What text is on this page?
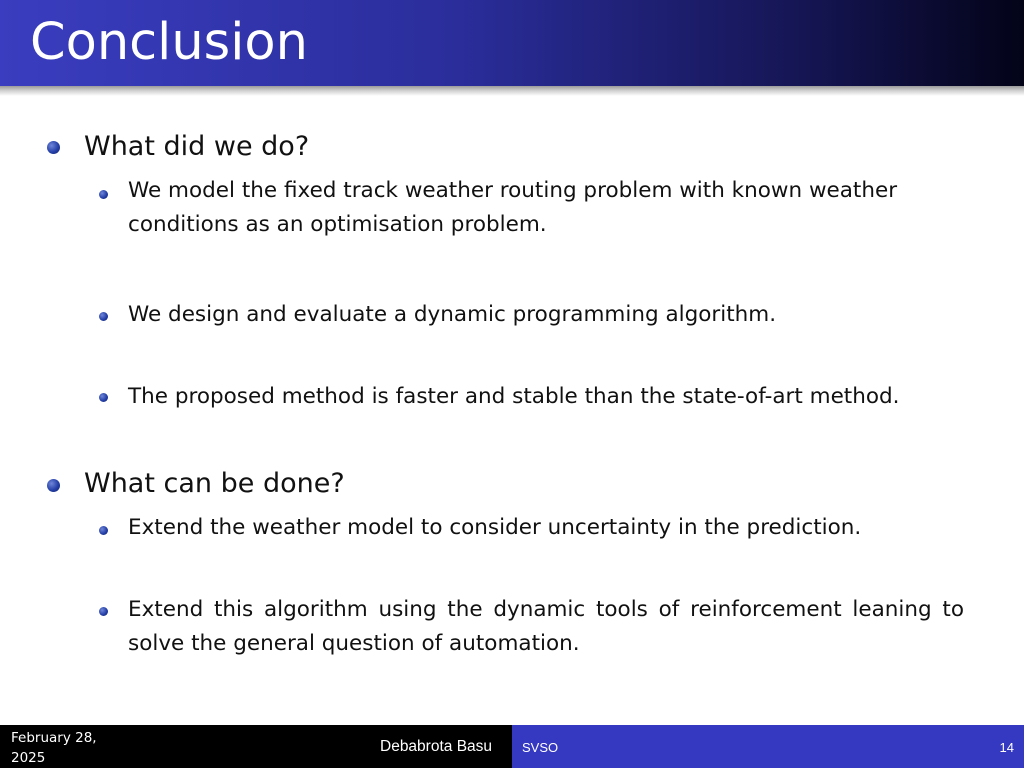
Conclusion
What did we do?
We model the fixed track weather routing problem with known weather conditions as an optimisation problem.
We design and evaluate a dynamic programming algorithm.
The proposed method is faster and stable than the state-of-art method.
What can be done?
Extend the weather model to consider uncertainty in the prediction.
Extend this algorithm using the dynamic tools of reinforcement leaning to solve the general question of automation.
February 28, 2025
Debabrota Basu SVSO	14
